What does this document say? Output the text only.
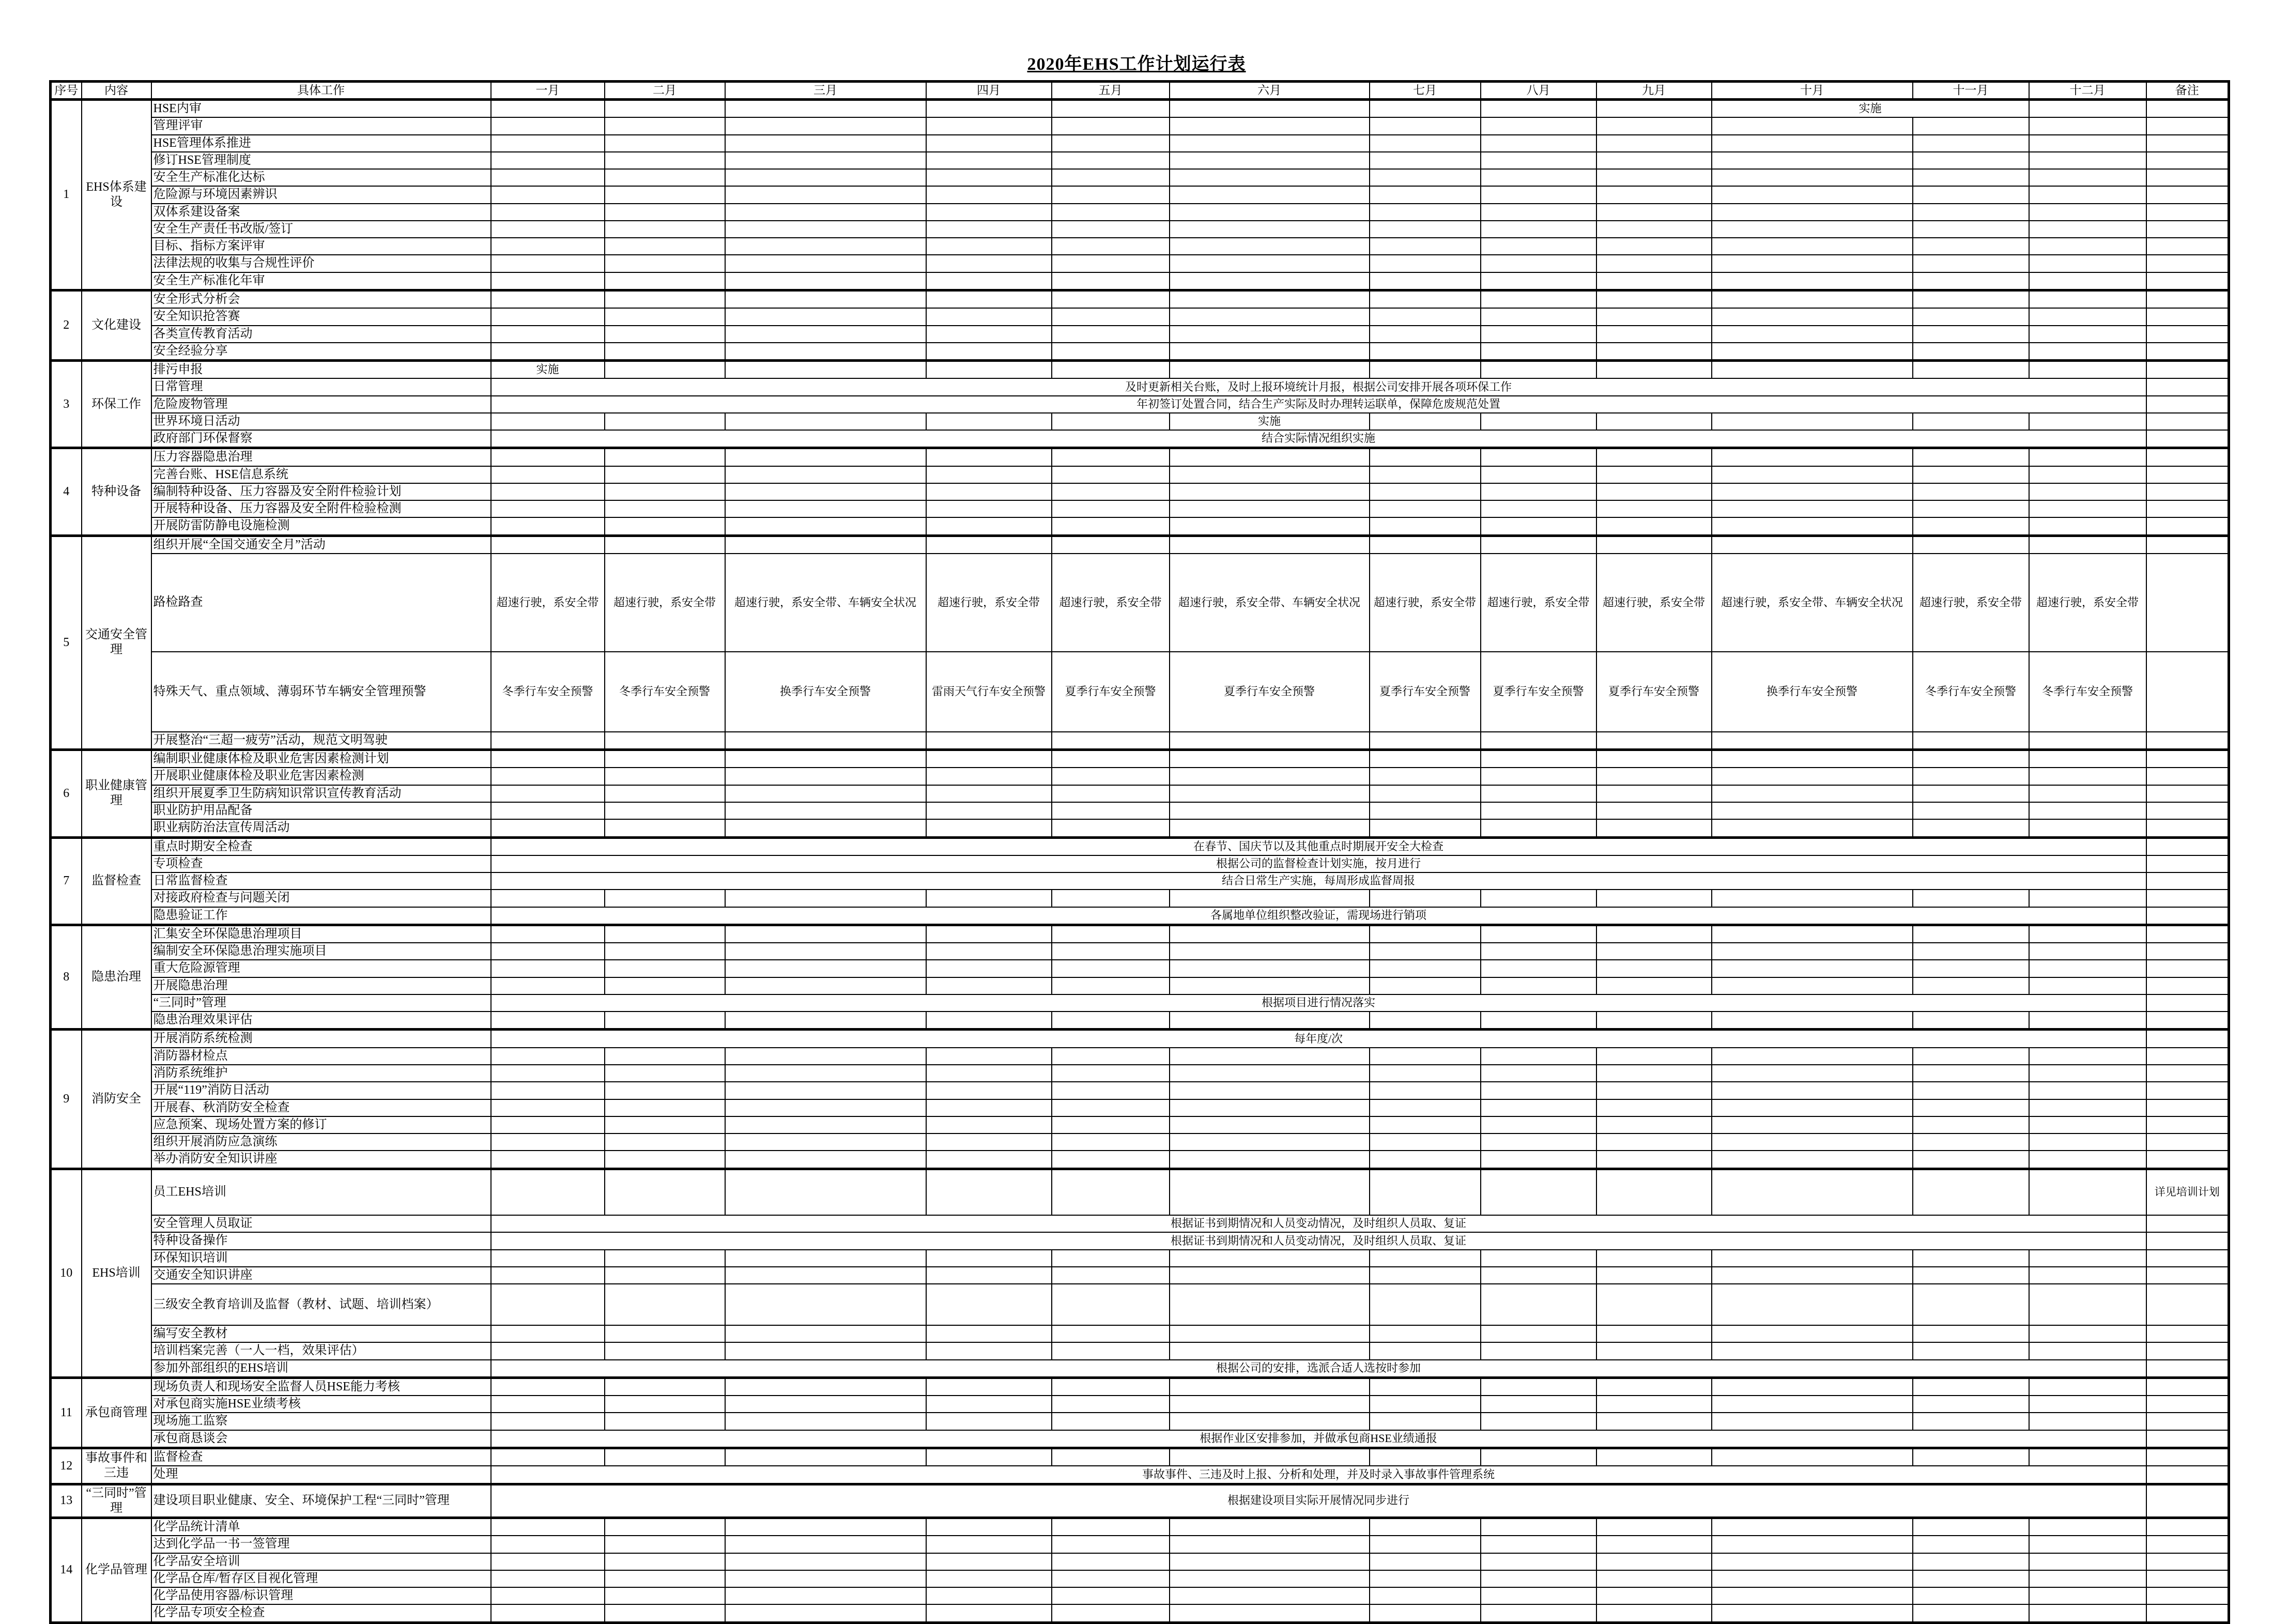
2020年EHS工作计划运行表
序号	内容	具体工作	一月	二月	三月	四月	五月	六月	七月	八月	九月	十月	十一月	十二月	备注
1	EHS体系建设	HSE内审										实施			
		管理评审													
		HSE管理体系推进													
		修订HSE管理制度													
		安全生产标准化达标													
		危险源与环境因素辨识													
		双体系建设备案													
		安全生产责任书改版/签订													
		目标、指标方案评审													
		法律法规的收集与合规性评价													
		安全生产标准化年审													
2	文化建设	安全形式分析会													
		安全知识抢答赛													
		各类宣传教育活动													
		安全经验分享													
3	环保工作	排污申报	实施												
		日常管理	及时更新相关台账，及时上报环境统计月报，根据公司安排开展各项环保工作												
		危险废物管理	年初签订处置合同，结合生产实际及时办理转运联单，保障危废规范处置												
		世界环境日活动						实施							
		政府部门环保督察	结合实际情况组织实施												
4	特种设备	压力容器隐患治理													
		完善台账、HSE信息系统													
		编制特种设备、压力容器及安全附件检验计划													
		开展特种设备、压力容器及安全附件检验检测													
		开展防雷防静电设施检测													
5	交通安全管理	组织开展“全国交通安全月”活动													
		路检路查	超速行驶，系安全带	超速行驶，系安全带	超速行驶，系安全带、车辆安全状况	超速行驶，系安全带	超速行驶，系安全带	超速行驶，系安全带、车辆安全状况	超速行驶，系安全带	超速行驶，系安全带	超速行驶，系安全带	超速行驶，系安全带、车辆安全状况	超速行驶，系安全带	超速行驶，系安全带	
		特殊天气、重点领域、薄弱环节车辆安全管理预警	冬季行车安全预警	冬季行车安全预警	换季行车安全预警	雷雨天气行车安全预警	夏季行车安全预警	夏季行车安全预警	夏季行车安全预警	夏季行车安全预警	夏季行车安全预警	换季行车安全预警	冬季行车安全预警	冬季行车安全预警	
		开展整治“三超一疲劳”活动，规范文明驾驶													
6	职业健康管理	编制职业健康体检及职业危害因素检测计划													
		开展职业健康体检及职业危害因素检测													
		组织开展夏季卫生防病知识常识宣传教育活动													
		职业防护用品配备													
		职业病防治法宣传周活动													
7	监督检查	重点时期安全检查	在春节、国庆节以及其他重点时期展开安全大检查												
		专项检查	根据公司的监督检查计划实施，按月进行												
		日常监督检查	结合日常生产实施，每周形成监督周报												
		对接政府检查与问题关闭													
		隐患验证工作	各属地单位组织整改验证，需现场进行销项												
8	隐患治理	汇集安全环保隐患治理项目													
		编制安全环保隐患治理实施项目													
		重大危险源管理													
		开展隐患治理													
		“三同时”管理	根据项目进行情况落实												
		隐患治理效果评估													
9	消防安全	开展消防系统检测	每年度/次												
		消防器材检点													
		消防系统维护													
		开展“119”消防日活动													
		开展春、秋消防安全检查													
		应急预案、现场处置方案的修订													
		组织开展消防应急演练													
		举办消防安全知识讲座													
10	EHS培训	员工EHS培训													详见培训计划
		安全管理人员取证	根据证书到期情况和人员变动情况，及时组织人员取、复证												
		特种设备操作	根据证书到期情况和人员变动情况，及时组织人员取、复证												
		环保知识培训													
		交通安全知识讲座													
		三级安全教育培训及监督（教材、试题、培训档案）													
		编写安全教材													
		培训档案完善（一人一档，效果评估）													
		参加外部组织的EHS培训	根据公司的安排，选派合适人选按时参加												
11	承包商管理	现场负责人和现场安全监督人员HSE能力考核													
		对承包商实施HSE业绩考核													
		现场施工监察													
		承包商恳谈会	根据作业区安排参加，并做承包商HSE业绩通报												
12	事故事件和三违	监督检查													
		处理	事故事件、三违及时上报、分析和处理，并及时录入事故事件管理系统												
13	“三同时”管理	建设项目职业健康、安全、环境保护工程“三同时”管理	根据建设项目实际开展情况同步进行												
14	化学品管理	化学品统计清单													
		达到化学品一书一签管理													
		化学品安全培训													
		化学品仓库/暂存区目视化管理													
		化学品使用容器/标识管理													
		化学品专项安全检查													
